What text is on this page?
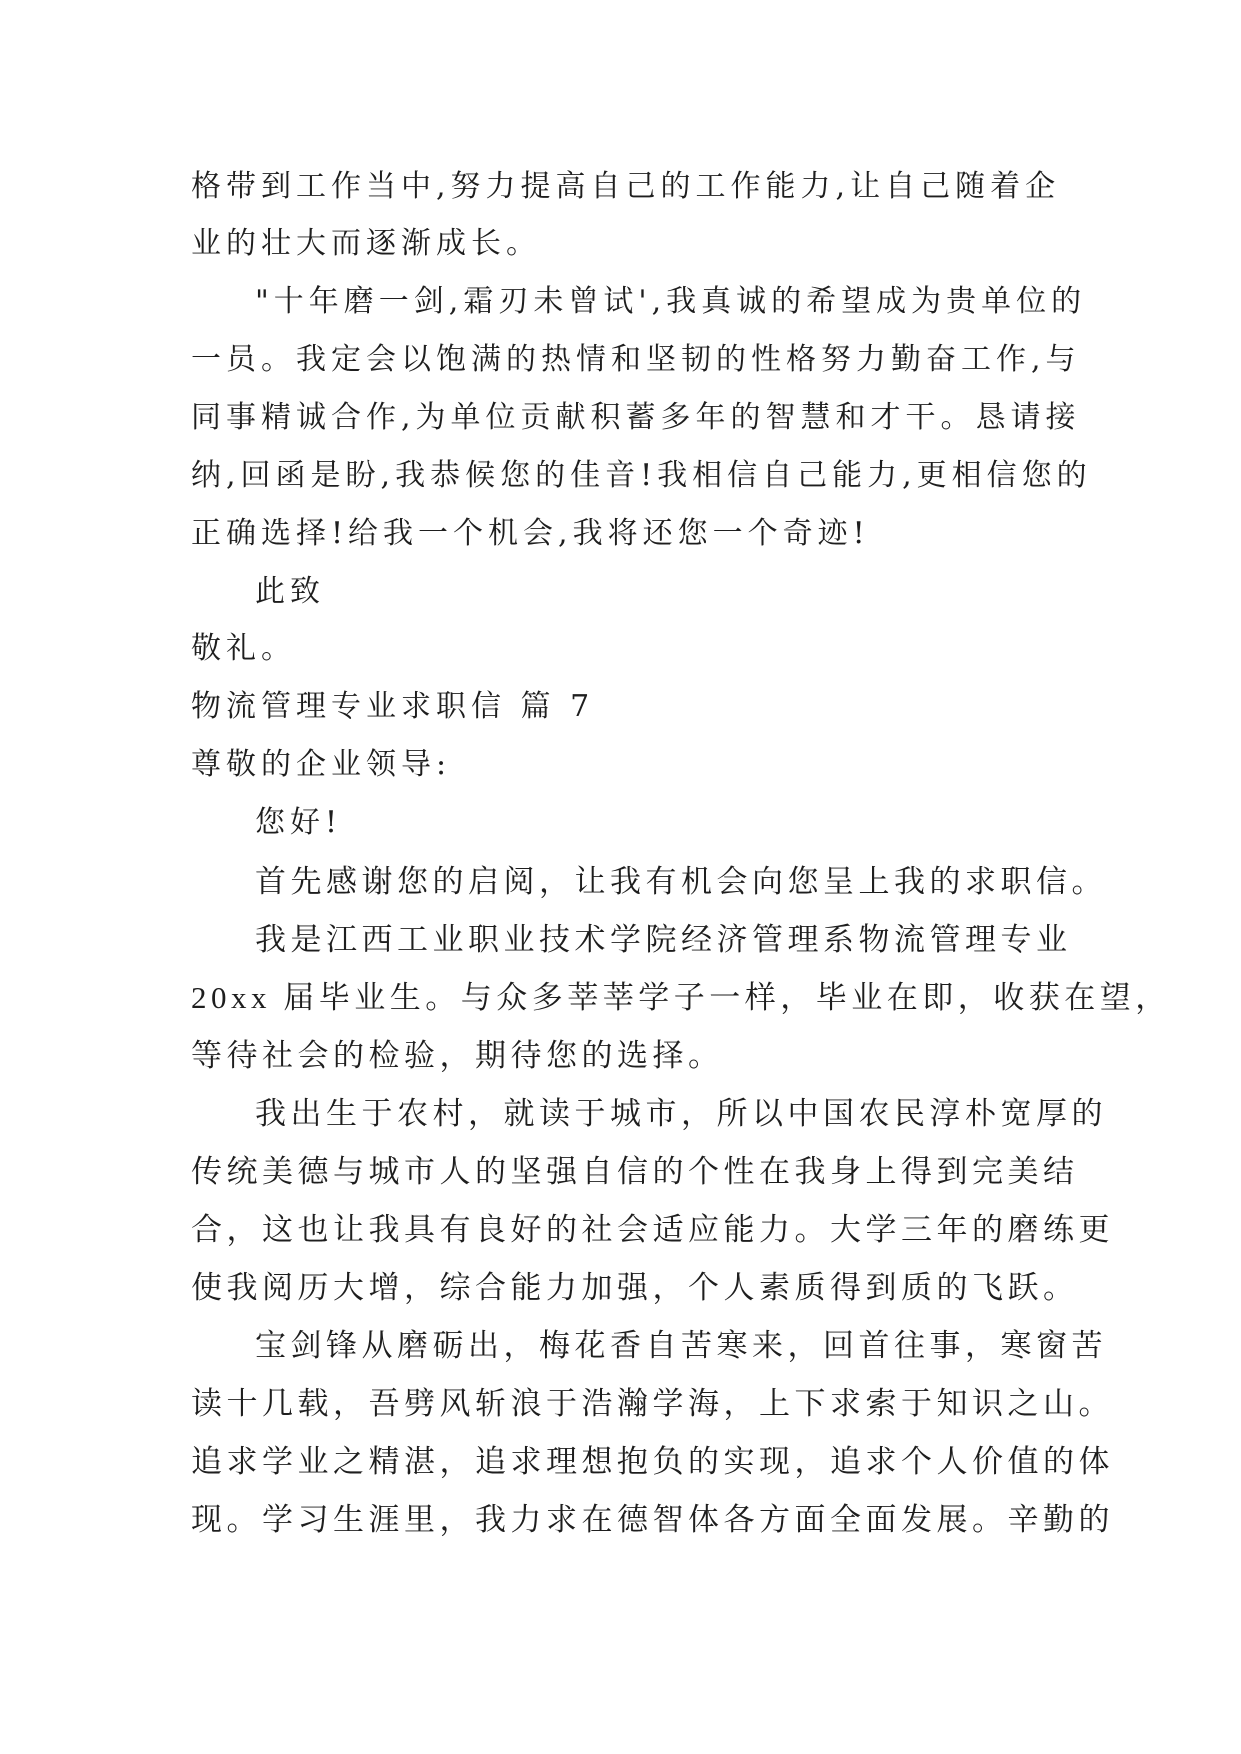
格带到工作当中,努力提高自己的工作能力,让自己随着企
业的壮大而逐渐成长。
"十年磨一剑,霜刃未曾试',我真诚的希望成为贵单位的
一员。我定会以饱满的热情和坚韧的性格努力勤奋工作,与
同事精诚合作,为单位贡献积蓄多年的智慧和才干。恳请接
纳,回函是盼,我恭候您的佳音!我相信自己能力,更相信您的
正确选择!给我一个机会,我将还您一个奇迹!
此致
敬礼。
物流管理专业求职信 篇 7
尊敬的企业领导:
您好!
首先感谢您的启阅，让我有机会向您呈上我的求职信。
我是江西工业职业技术学院经济管理系物流管理专业
20xx 届毕业生。与众多莘莘学子一样，毕业在即，收获在望，
等待社会的检验，期待您的选择。
我出生于农村，就读于城市，所以中国农民淳朴宽厚的
传统美德与城市人的坚强自信的个性在我身上得到完美结
合，这也让我具有良好的社会适应能力。大学三年的磨练更
使我阅历大增，综合能力加强，个人素质得到质的飞跃。
宝剑锋从磨砺出，梅花香自苦寒来，回首往事，寒窗苦
读十几载，吾劈风斩浪于浩瀚学海，上下求索于知识之山。
追求学业之精湛，追求理想抱负的实现，追求个人价值的体
现。学习生涯里，我力求在德智体各方面全面发展。辛勤的
